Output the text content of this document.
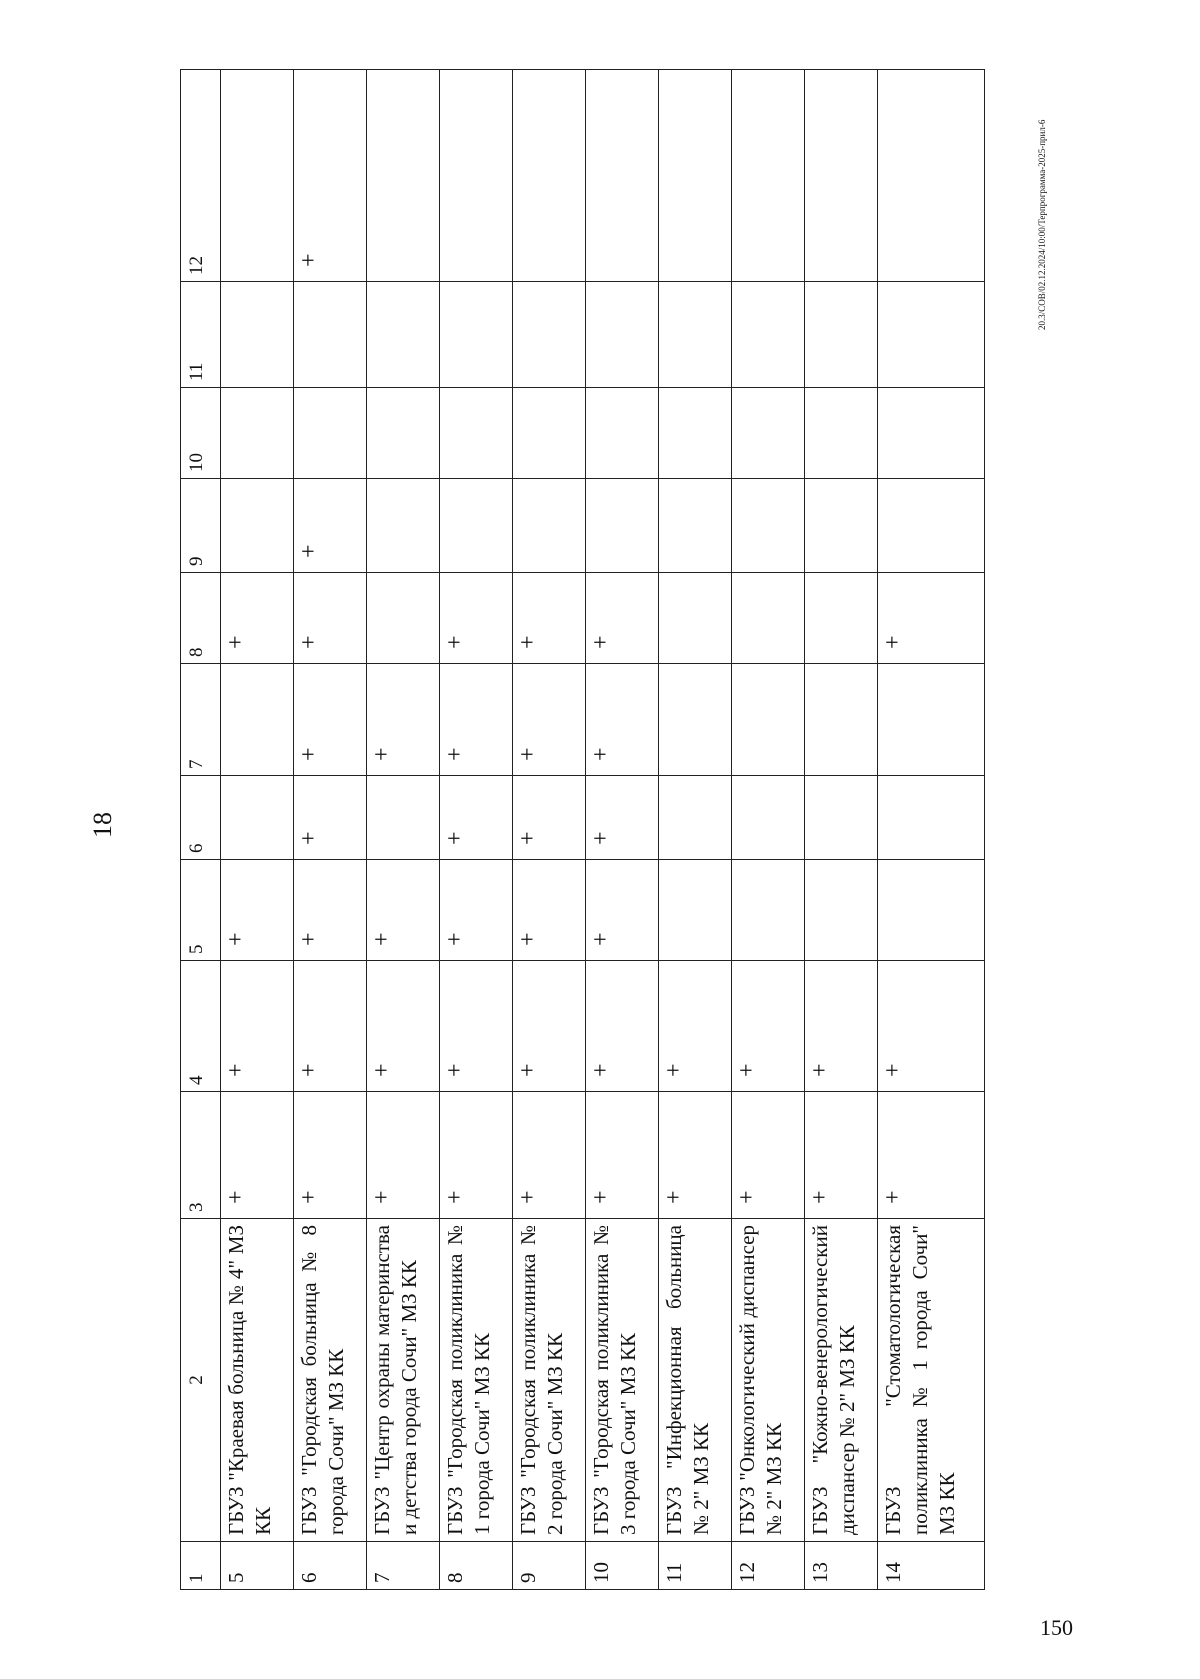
18
20.3/СОВ/02.12.2024/10:00/Терпрограмма-2025-прил-6
150
1	2	3	4	5	6	7	8	9	10	11	12
5	ГБУЗ "Краевая больница № 4" МЗ КК	+	+	+			+				
6	ГБУЗ "Городская больница № 8 города Сочи" МЗ КК	+	+	+	+	+	+	+			+
7	ГБУЗ "Центр охраны материнства и детства города Сочи" МЗ КК	+	+	+		+					
8	ГБУЗ "Городская поликлиника № 1 города Сочи" МЗ КК	+	+	+	+	+	+				
9	ГБУЗ "Городская поликлиника № 2 города Сочи" МЗ КК	+	+	+	+	+	+				
10	ГБУЗ "Городская поликлиника № 3 города Сочи" МЗ КК	+	+	+	+	+	+				
11	ГБУЗ "Инфекционная больница № 2" МЗ КК	+	+								
12	ГБУЗ "Онкологический диспансер № 2" МЗ КК	+	+								
13	ГБУЗ "Кожно-венерологический диспансер № 2" МЗ КК	+	+								
14	ГБУЗ "Стоматологическая поликлиника № 1 города Сочи" МЗ КК	+	+				+				
